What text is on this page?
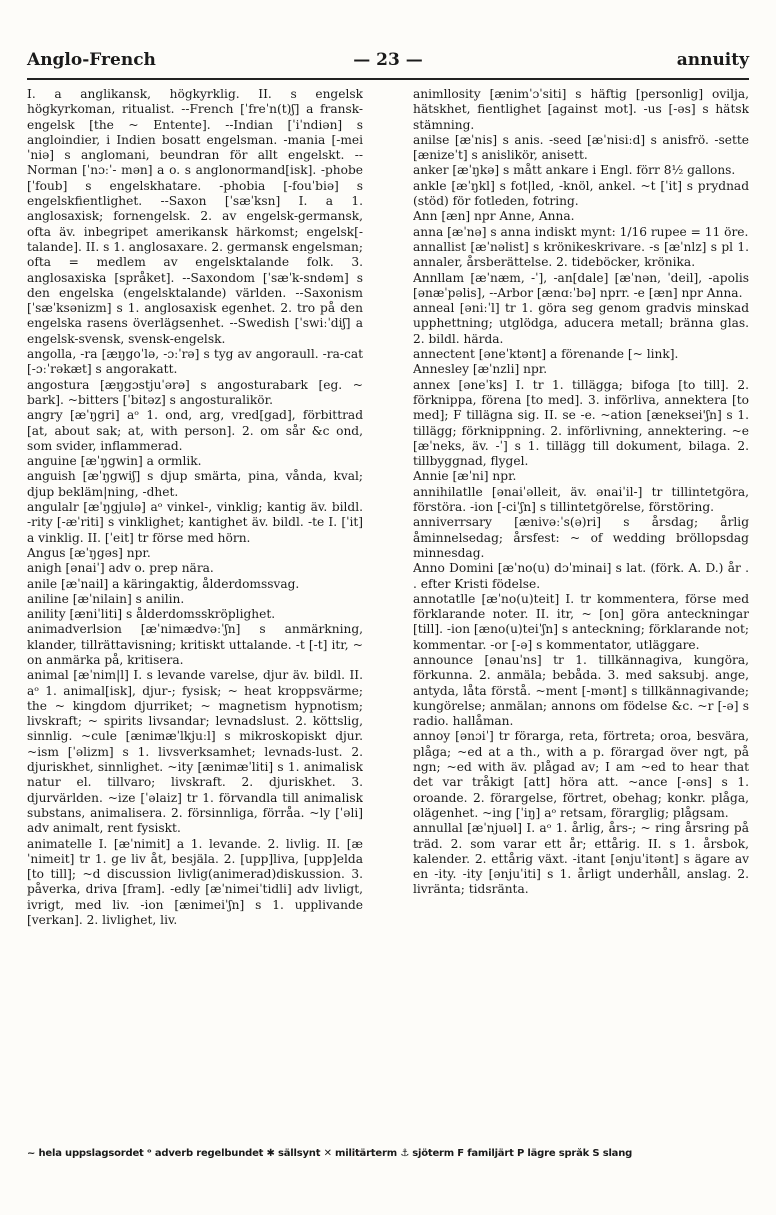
— 23 —
Anglo-French	annuity

I. a anglikansk, högkyrklig. II. s engelsk högkyrkoman, ritualist. --French [ˈfreˈn(t)ʃ] a fransk-engelsk [the ~ Entente]. --Indian [ˈiˈndiən] s angloindier, i Indien bosatt engelsman. -mania [-meiˈniə] s anglomani, beundran för allt engelskt. --Norman [ˈnɔːˈ- mən] a o. s anglonormand[isk]. -phobe [ˈfoub] s engelskhatare. -phobia [-fouˈbiə] s engelskfientlighet. --Saxon [ˈsæˈksn] I. a 1. anglosaxisk; fornengelsk. 2. av engelsk-germansk, ofta äv. inbegripet amerikansk härkomst; engelsk[-talande]. II. s 1. anglosaxare. 2. germansk engelsman; ofta = medlem av engelsktalande folk. 3. anglosaxiska [språket]. --Saxondom [ˈsæˈk-sndəm] s den engelska (engelsktalande) världen. --Saxonism [ˈsæˈksənizm] s 1. anglosaxisk egenhet. 2. tro på den engelska rasens överlägsenhet. --Swedish [ˈswiːˈdiʃ] a engelsk-svensk, svensk-engelsk.

angolla, -ra [æŋgoˈlə, -ɔːˈrə] s tyg av angoraull. -ra-cat [-ɔːˈrəkæt] s angorakatt.

angostura [æŋgɔstjuˈərə] s angosturabark [eg. ~ bark]. ~bitters [ˈbitəz] s angosturalikör.

angry [æˈŋgri] aᵒ 1. ond, arg, vred[gad], förbittrad [at, about sak; at, with person]. 2. om sår &c ond, som svider, inflammerad.

anguine [æˈŋgwin] a ormlik.

anguish [æˈŋgwiʃ] s djup smärta, pina, vånda, kval; djup bekläm|ning, -dhet.

angulalr [æˈŋgjulə] aᵒ vinkel-, vinklig; kantig äv. bildl. -rity [-æˈriti] s vinklighet; kantighet äv. bildl. -te I. [ˈit] a vinklig. II. [ˈeit] tr förse med hörn.

Angus [æˈŋgəs] npr.

anigh [ənaiˈ] adv o. prep nära.

anile [æˈnail] a käringaktig, ålderdomssvag.

aniline [æˈnilain] s anilin.

anility [æniˈliti] s ålderdomsskröplighet.

animadverlsion [æˈnimædvəːˈʃn] s anmärkning, klander, tillrättavisning; kritiskt uttalande. -t [-t] itr, ~ on anmärka på, kritisera.

animal [æˈnim|l] I. s levande varelse, djur äv. bildl. II. aᵒ 1. animal[isk], djur-; fysisk; ~ heat kroppsvärme; the ~ kingdom djurriket; ~ magnetism hypnotism; livskraft; ~ spirits livsandar; levnadslust. 2. köttslig, sinnlig. ~cule [ænimæˈlkjuːl] s mikroskopiskt djur. ~ism [ˈəlizm] s 1. livsverksamhet; levnads-lust. 2. djuriskhet, sinnlighet. ~ity [ænimæˈliti] s 1. animalisk natur el. tillvaro; livskraft. 2. djuriskhet. 3. djurvärlden. ~ize [ˈəlaiz] tr 1. förvandla till animalisk substans, animalisera. 2. försinnliga, förråa. ~ly [ˈəli] adv animalt, rent fysiskt.

animatelle I. [æˈnimit] a 1. levande. 2. livlig. II. [æˈnimeit] tr 1. ge liv åt, besjäla. 2. [upp]liva, [upp]elda [to till]; ~d discussion livlig(animerad)diskussion. 3. påverka, driva [fram]. -edly [æˈnimeiˈtidli] adv livligt, ivrigt, med liv. -ion [ænimeiˈʃn] s 1. upplivande [verkan]. 2. livlighet, liv.

animllosity [ænimˈɔˈsiti] s häftig [personlig] ovilja, hätskhet, fientlighet [against mot]. -us [-əs] s hätsk stämning.

anilse [æˈnis] s anis. -seed [æˈnisiːd] s anisfrö. -sette [ænizeˈt] s anislikör, anisett.

anker [æˈŋkə] s mått ankare i Engl. förr 8½ gallons.

ankle [æˈŋkl] s fot|led, -knöl, ankel. ~t [ˈit] s prydnad (stöd) för fotleden, fotring.

Ann [æn] npr Anne, Anna.

anna [æˈnə] s anna indiskt mynt: 1/16 rupee = 11 öre.

annallist [æˈnəlist] s krönikeskrivare. -s [æˈnlz] s pl 1. annaler, årsberättelse. 2. tideböcker, krönika.

Annllam [æˈnæm, -ˈ], -an[dale] [æˈnən, ˈdeil], -apolis [ənæˈpəlis], --Arbor [ænɑːˈbə] nprr. -e [æn] npr Anna.

anneal [əniːˈl] tr 1. göra seg genom gradvis minskad upphettning; utglödga, aducera metall; bränna glas. 2. bildl. härda.

annectent [əneˈktənt] a förenande [~ link].

Annesley [æˈnzli] npr.

annex [əneˈks] I. tr 1. tillägga; bifoga [to till]. 2. förknippa, förena [to med]. 3. införliva, annektera [to med]; F tillägna sig. II. se -e. ~ation [æneksei'ʃn] s 1. tillägg; förknippning. 2. införlivning, annektering. ~e [æˈneks, äv. -ˈ] s 1. tillägg till dokument, bilaga. 2. tillbyggnad, flygel.

Annie [æˈni] npr.

annihilatlle [ənaiˈəlleit, äv. ənaiˈil-] tr tillintetgöra, förstöra. -ion [-ciˈʃn] s tillintetgörelse, förstöring.

anniverrsary [ænivəːˈs(ə)ri] s årsdag; årlig åminnelsedag; årsfest: ~ of wedding bröllopsdag minnesdag.

Anno Domini [æˈno(u) dɔˈminai] s lat. (förk. A. D.) år . . efter Kristi födelse.

annotatlle [æˈno(u)teit] I. tr kommentera, förse med förklarande noter. II. itr, ~ [on] göra anteckningar [till]. -ion [æno(u)teiˈʃn] s anteckning; förklarande not; kommentar. -or [-ə] s kommentator, utläggare.

announce [ənauˈns] tr 1. tillkännagiva, kungöra, förkunna. 2. anmäla; bebåda. 3. med saksubj. ange, antyda, låta förstå. ~ment [-mənt] s tillkännagivande; kungörelse; anmälan; annons om födelse &c. ~r [-ə] s radio. hallåman.

annoy [ənɔiˈ] tr förarga, reta, förtreta; oroa, besvära, plåga; ~ed at a th., with a p. förargad över ngt, på ngn; ~ed with äv. plågad av; I am ~ed to hear that det var tråkigt [att] höra att. ~ance [-əns] s 1. oroande. 2. förargelse, förtret, obehag; konkr. plåga, olägenhet. ~ing [ˈiŋ] aᵒ retsam, förarglig; plågsam.

annullal [æˈnjuəl] I. aᵒ 1. årlig, års-; ~ ring årsring på träd. 2. som varar ett år; ettårig. II. s 1. årsbok, kalender. 2. ettårig växt. -itant [ənjuˈitənt] s ägare av en -ity. -ity [ənjuˈiti] s 1. årligt underhåll, anslag. 2. livränta; tidsränta.

~ hela uppslagsordet ᵒ adverb regelbundet ✱ sällsynt ✕ militärterm ⚓ sjöterm F familjärt P lägre språk S slang
